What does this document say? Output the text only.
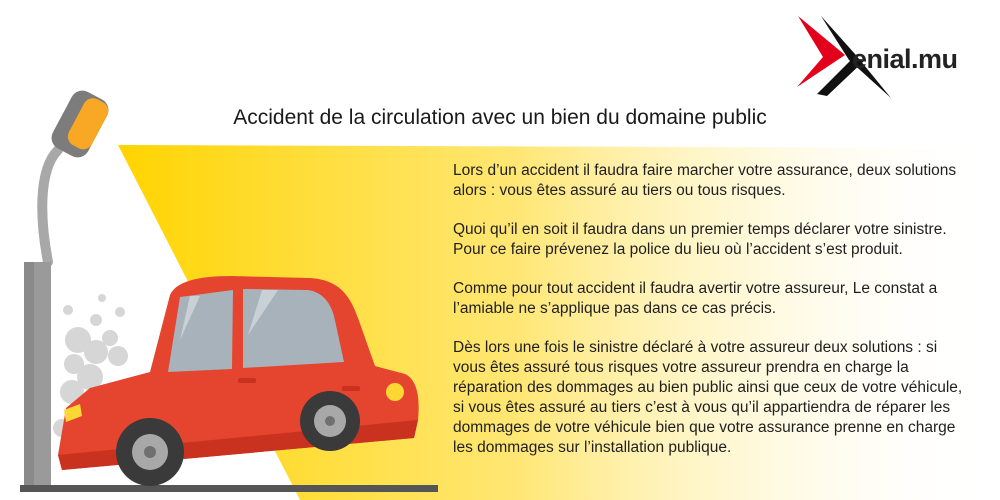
enial.mu
Accident de la circulation avec un bien du domaine public

Lors d’un accident il faudra faire marcher votre assurance, deux solutions alors : vous êtes assuré au tiers ou tous risques.

Quoi qu’il en soit il faudra dans un premier temps déclarer votre sinistre. Pour ce faire prévenez la police du lieu où l’accident s’est produit.

Comme pour tout accident il faudra avertir votre assureur, Le constat a l’amiable ne s’applique pas dans ce cas précis.

Dès lors une fois le sinistre déclaré à votre assureur deux solutions : si vous êtes assuré tous risques votre assureur prendra en charge la réparation des dommages au bien public ainsi que ceux de votre véhicule, si vous êtes assuré au tiers c’est à vous qu’il appartiendra de réparer les dommages de votre véhicule bien que votre assurance prenne en charge les dommages sur l’installation publique.
